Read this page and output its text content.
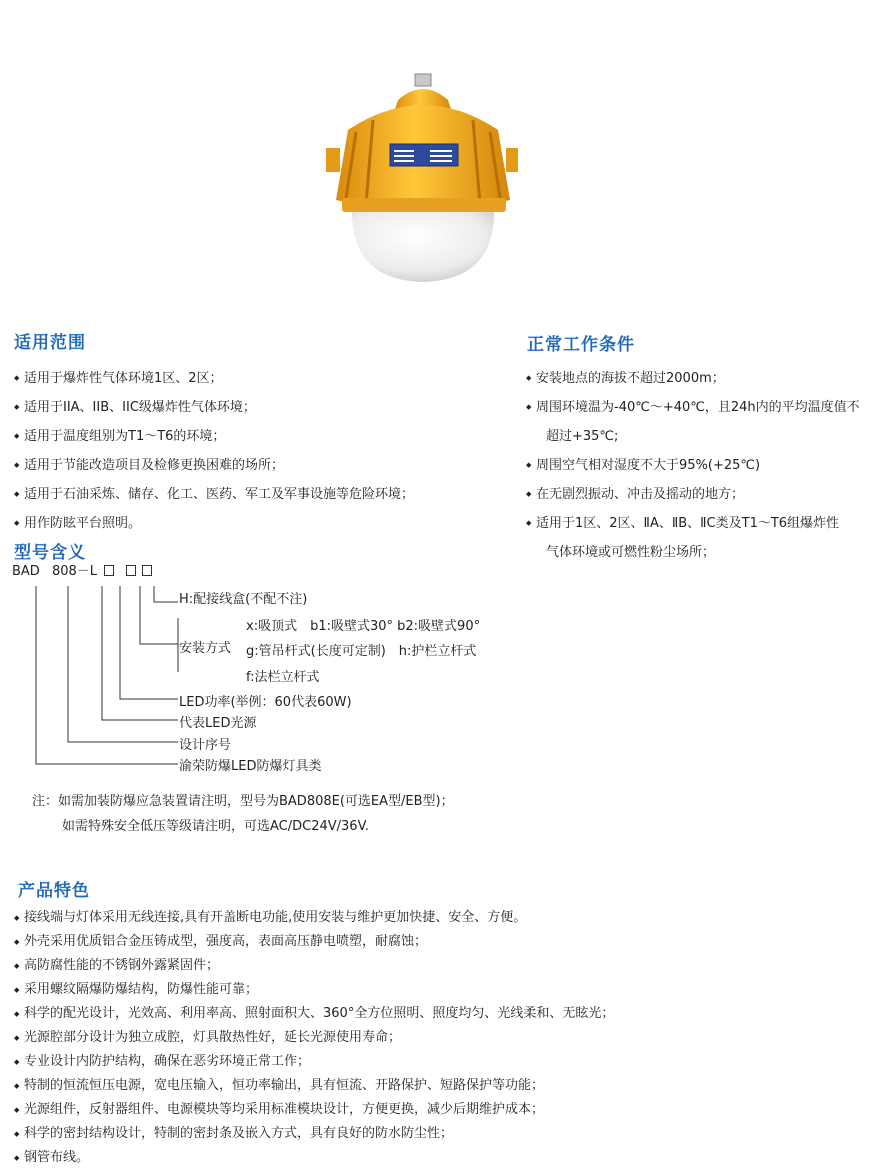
适用范围
◆ 适用于爆炸性气体环境1区、2区；
◆ 适用于IIA、IIB、IIC级爆炸性气体环境；
◆ 适用于温度组别为T1～T6的环境；
◆ 适用于节能改造项目及检修更换困难的场所；
◆ 适用于石油采炼、储存、化工、医药、军工及军事设施等危险环境；
◆ 用作防眩平台照明。
正常工作条件
◆ 安装地点的海拔不超过2000m；
◆ 周围环境温为-40℃～+40℃，且24h内的平均温度值不
超过+35℃;
◆ 周围空气相对湿度不大于95%(+25℃)
◆ 在无剧烈振动、冲击及摇动的地方；
◆ 适用于1区、2区、ⅡA、ⅡB、ⅡC类及T1～T6组爆炸性
气体环境或可燃性粉尘场所；
型号含义
BAD 808－L
H:配接线盒(不配不注)
安装方式
x:吸顶式　b1:吸壁式30° b2:吸壁式90°
g:管吊杆式(长度可定制)　h:护栏立杆式
f:法栏立杆式
LED功率(举例：60代表60W)
代表LED光源
设计序号
渝荣防爆LED防爆灯具类
注：如需加装防爆应急装置请注明，型号为BAD808E(可选EA型/EB型)；
如需特殊安全低压等级请注明，可选AC/DC24V/36V.
产品特色
◆ 接线端与灯体采用无线连接,具有开盖断电功能,使用安装与维护更加快捷、安全、方便。
◆ 外壳采用优质铝合金压铸成型，强度高，表面高压静电喷塑，耐腐蚀；
◆ 高防腐性能的不锈钢外露紧固件；
◆ 采用螺纹隔爆防爆结构，防爆性能可靠；
◆ 科学的配光设计，光效高、利用率高、照射面积大、360°全方位照明、照度均匀、光线柔和、无眩光；
◆ 光源腔部分设计为独立成腔，灯具散热性好，延长光源使用寿命；
◆ 专业设计内防护结构，确保在恶劣环境正常工作；
◆ 特制的恒流恒压电源，宽电压输入，恒功率输出，具有恒流、开路保护、短路保护等功能；
◆ 光源组件，反射器组件、电源模块等均采用标准模块设计，方便更换，减少后期维护成本；
◆ 科学的密封结构设计，特制的密封条及嵌入方式，具有良好的防水防尘性；
◆ 钢管布线。
